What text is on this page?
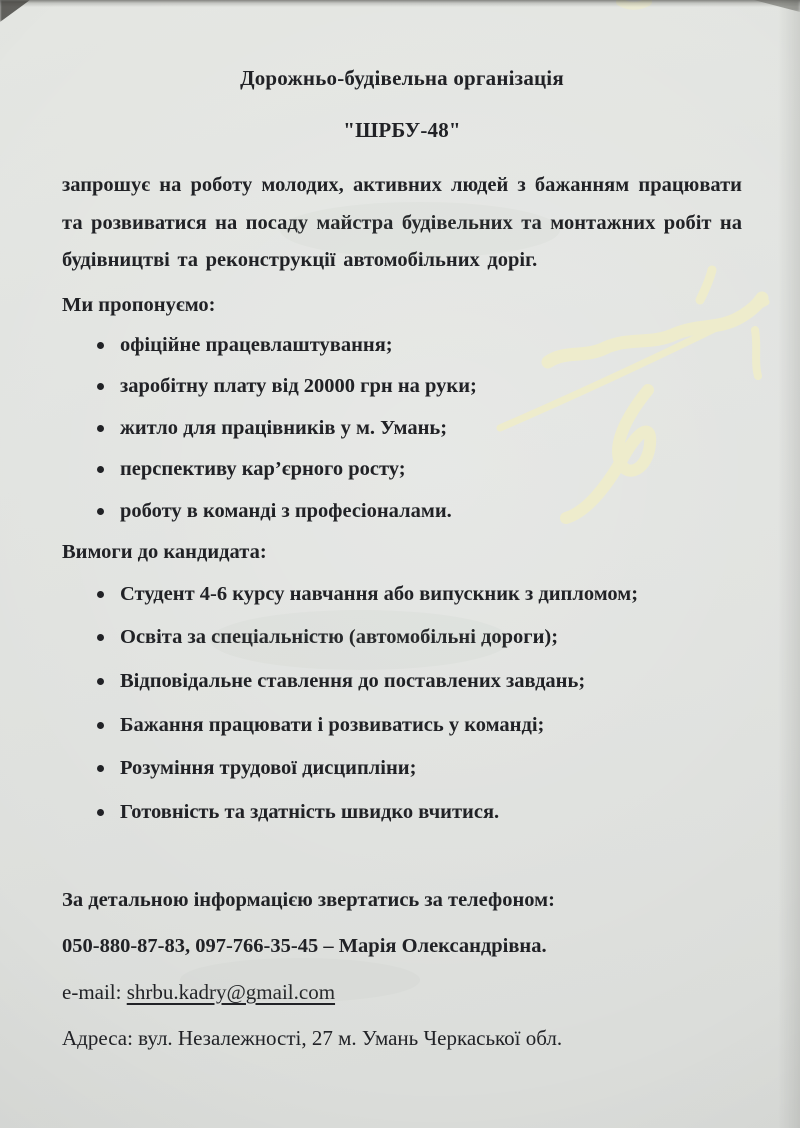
Дорожньо-будівельна організація
"ШРБУ-48"

запрошує на роботу молодих, активних людей з бажанням працювати та розвиватися на посаду майстра будівельних та монтажних робіт на будівництві та реконструкції автомобільних доріг.

Ми пропонуємо:
офіційне працевлаштування;
заробітну плату від 20000 грн на руки;
житло для працівників у м. Умань;
перспективу кар’єрного росту;
роботу в команді з професіоналами.
Вимоги до кандидата:
Студент 4-6 курсу навчання або випускник з дипломом;
Освіта за спеціальністю (автомобільні дороги);
Відповідальне ставлення до поставлених завдань;
Бажання працювати і розвиватись у команді;
Розуміння трудової дисципліни;
Готовність та здатність швидко вчитися.

За детальною інформацією звертатись за телефоном:

050-880-87-83, 097-766-35-45 – Марія Олександрівна.

e-mail: shrbu.kadry@gmail.com

Адреса: вул. Незалежності, 27 м. Умань Черкаської обл.
